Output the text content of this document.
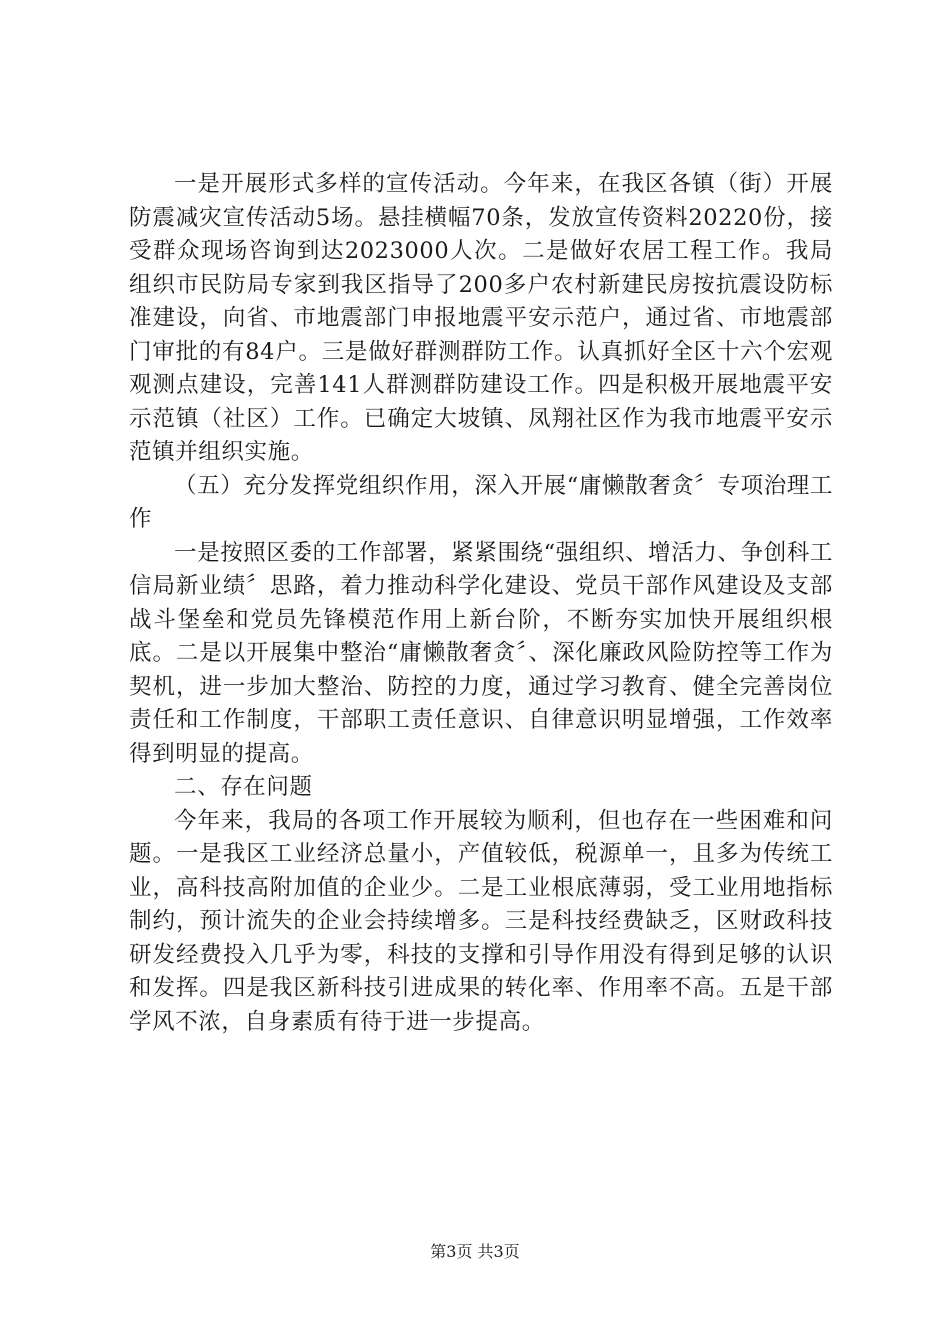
一是开展形式多样的宣传活动。今年来，在我区各镇（街）开展防震减灾宣传活动5场。悬挂横幅70条，发放宣传资料20220份，接受群众现场咨询到达2023000人次。二是做好农居工程工作。我局组织市民防局专家到我区指导了200多户农村新建民房按抗震设防标准建设，向省、市地震部门申报地震平安示范户，通过省、市地震部门审批的有84户。三是做好群测群防工作。认真抓好全区十六个宏观观测点建设，完善141人群测群防建设工作。四是积极开展地震平安示范镇（社区）工作。已确定大坡镇、凤翔社区作为我市地震平安示范镇并组织实施。

（五）充分发挥党组织作用，深入开展“庸懒散奢贪〞专项治理工作

一是按照区委的工作部署，紧紧围绕“强组织、增活力、争创科工信局新业绩〞思路，着力推动科学化建设、党员干部作风建设及支部战斗堡垒和党员先锋模范作用上新台阶，不断夯实加快开展组织根底。二是以开展集中整治“庸懒散奢贪〞、深化廉政风险防控等工作为契机，进一步加大整治、防控的力度，通过学习教育、健全完善岗位责任和工作制度，干部职工责任意识、自律意识明显增强，工作效率得到明显的提高。

二、存在问题

今年来，我局的各项工作开展较为顺利，但也存在一些困难和问题。一是我区工业经济总量小，产值较低，税源单一，且多为传统工业，高科技高附加值的企业少。二是工业根底薄弱，受工业用地指标制约，预计流失的企业会持续增多。三是科技经费缺乏，区财政科技研发经费投入几乎为零，科技的支撑和引导作用没有得到足够的认识和发挥。四是我区新科技引进成果的转化率、作用率不高。五是干部学风不浓，自身素质有待于进一步提高。

第3页 共3页
